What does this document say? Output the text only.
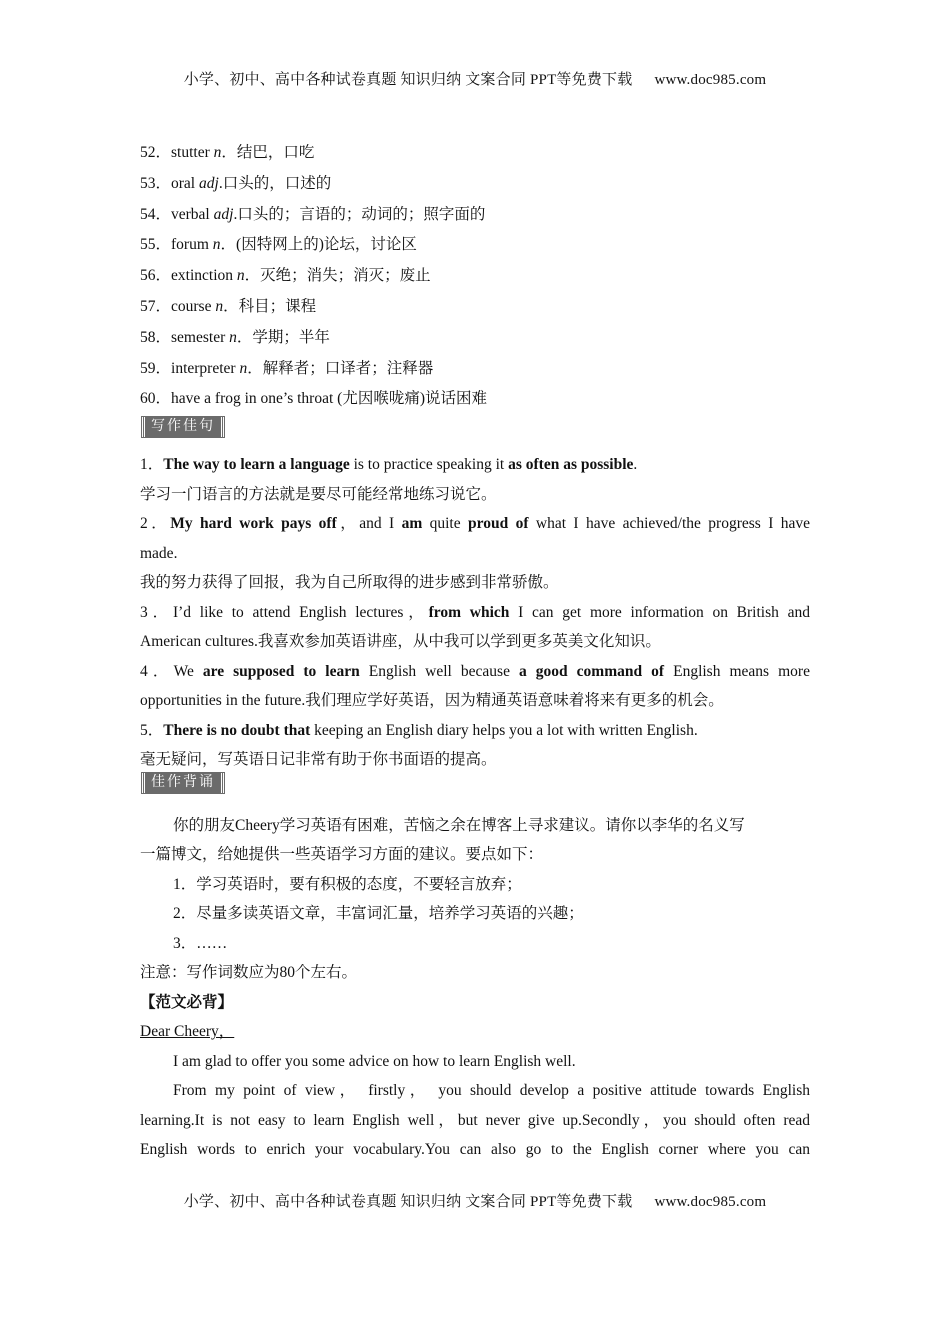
小学、初中、高中各种试卷真题 知识归纳 文案合同 PPT等免费下载 www.doc985.com
52．stutter n．结巴，口吃
53．oral adj.口头的，口述的
54．verbal adj.口头的；言语的；动词的；照字面的
55．forum n．(因特网上的)论坛，讨论区
56．extinction n．灭绝；消失；消灭；废止
57．course n．科目；课程
58．semester n．学期；半年
59．interpreter n．解释者；口译者；注释器
60．have a frog in one’s throat (尤因喉咙痛)说话困难
写作佳句
1．The way to learn a language is to practice speaking it as often as possible.
学习一门语言的方法就是要尽可能经常地练习说它。
2．My hard work pays off，and I am quite proud of what I have achieved/the progress I have
made.
我的努力获得了回报，我为自己所取得的进步感到非常骄傲。
3．I’d like to attend English lectures，from which I can get more information on British and
American cultures.我喜欢参加英语讲座，从中我可以学到更多英美文化知识。
4．We are supposed to learn English well because a good command of English means more
opportunities in the future.我们理应学好英语，因为精通英语意味着将来有更多的机会。
5．There is no doubt that keeping an English diary helps you a lot with written English.
毫无疑问，写英语日记非常有助于你书面语的提高。
佳作背诵
你的朋友Cheery学习英语有困难，苦恼之余在博客上寻求建议。请你以李华的名义写
一篇博文，给她提供一些英语学习方面的建议。要点如下：
1．学习英语时，要有积极的态度，不要轻言放弃；
2．尽量多读英语文章，丰富词汇量，培养学习英语的兴趣；
3．……
注意：写作词数应为80个左右。
【范文必背】
Dear Cheery，
I am glad to offer you some advice on how to learn English well.
From my point of view， firstly， you should develop a positive attitude towards English
learning.It is not easy to learn English well，but never give up.Secondly，you should often read
English words to enrich your vocabulary.You can also go to the English corner where you can
小学、初中、高中各种试卷真题 知识归纳 文案合同 PPT等免费下载 www.doc985.com
